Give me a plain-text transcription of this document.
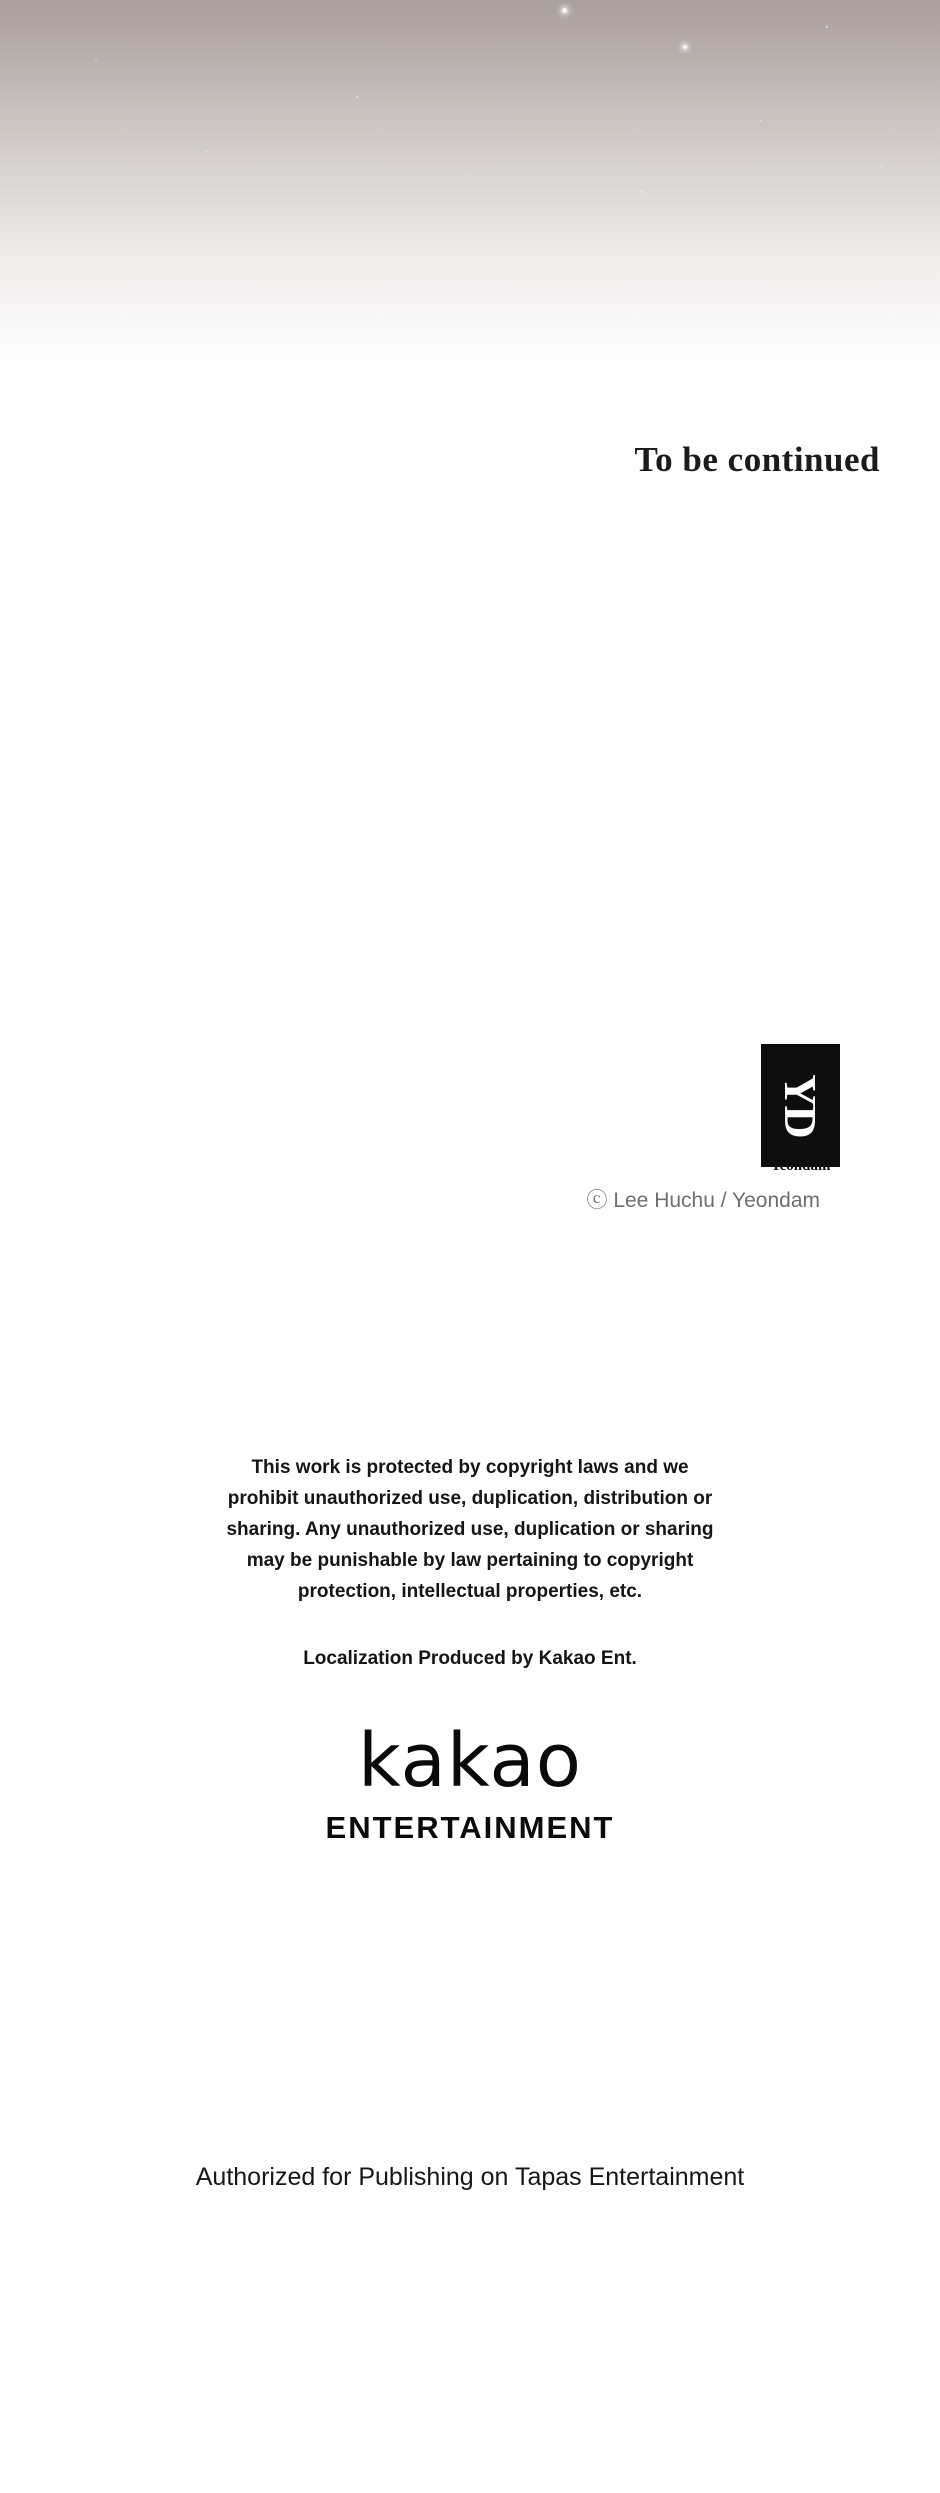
To be continued
YD
Yeondam
ⓒ Lee Huchu / Yeondam

This work is protected by copyright laws and we

prohibit unauthorized use, duplication, distribution or

sharing. Any unauthorized use, duplication or sharing

may be punishable by law pertaining to copyright

protection, intellectual properties, etc.

Localization Produced by Kakao Ent.
kakao
ENTERTAINMENT
Authorized for Publishing on Tapas Entertainment
